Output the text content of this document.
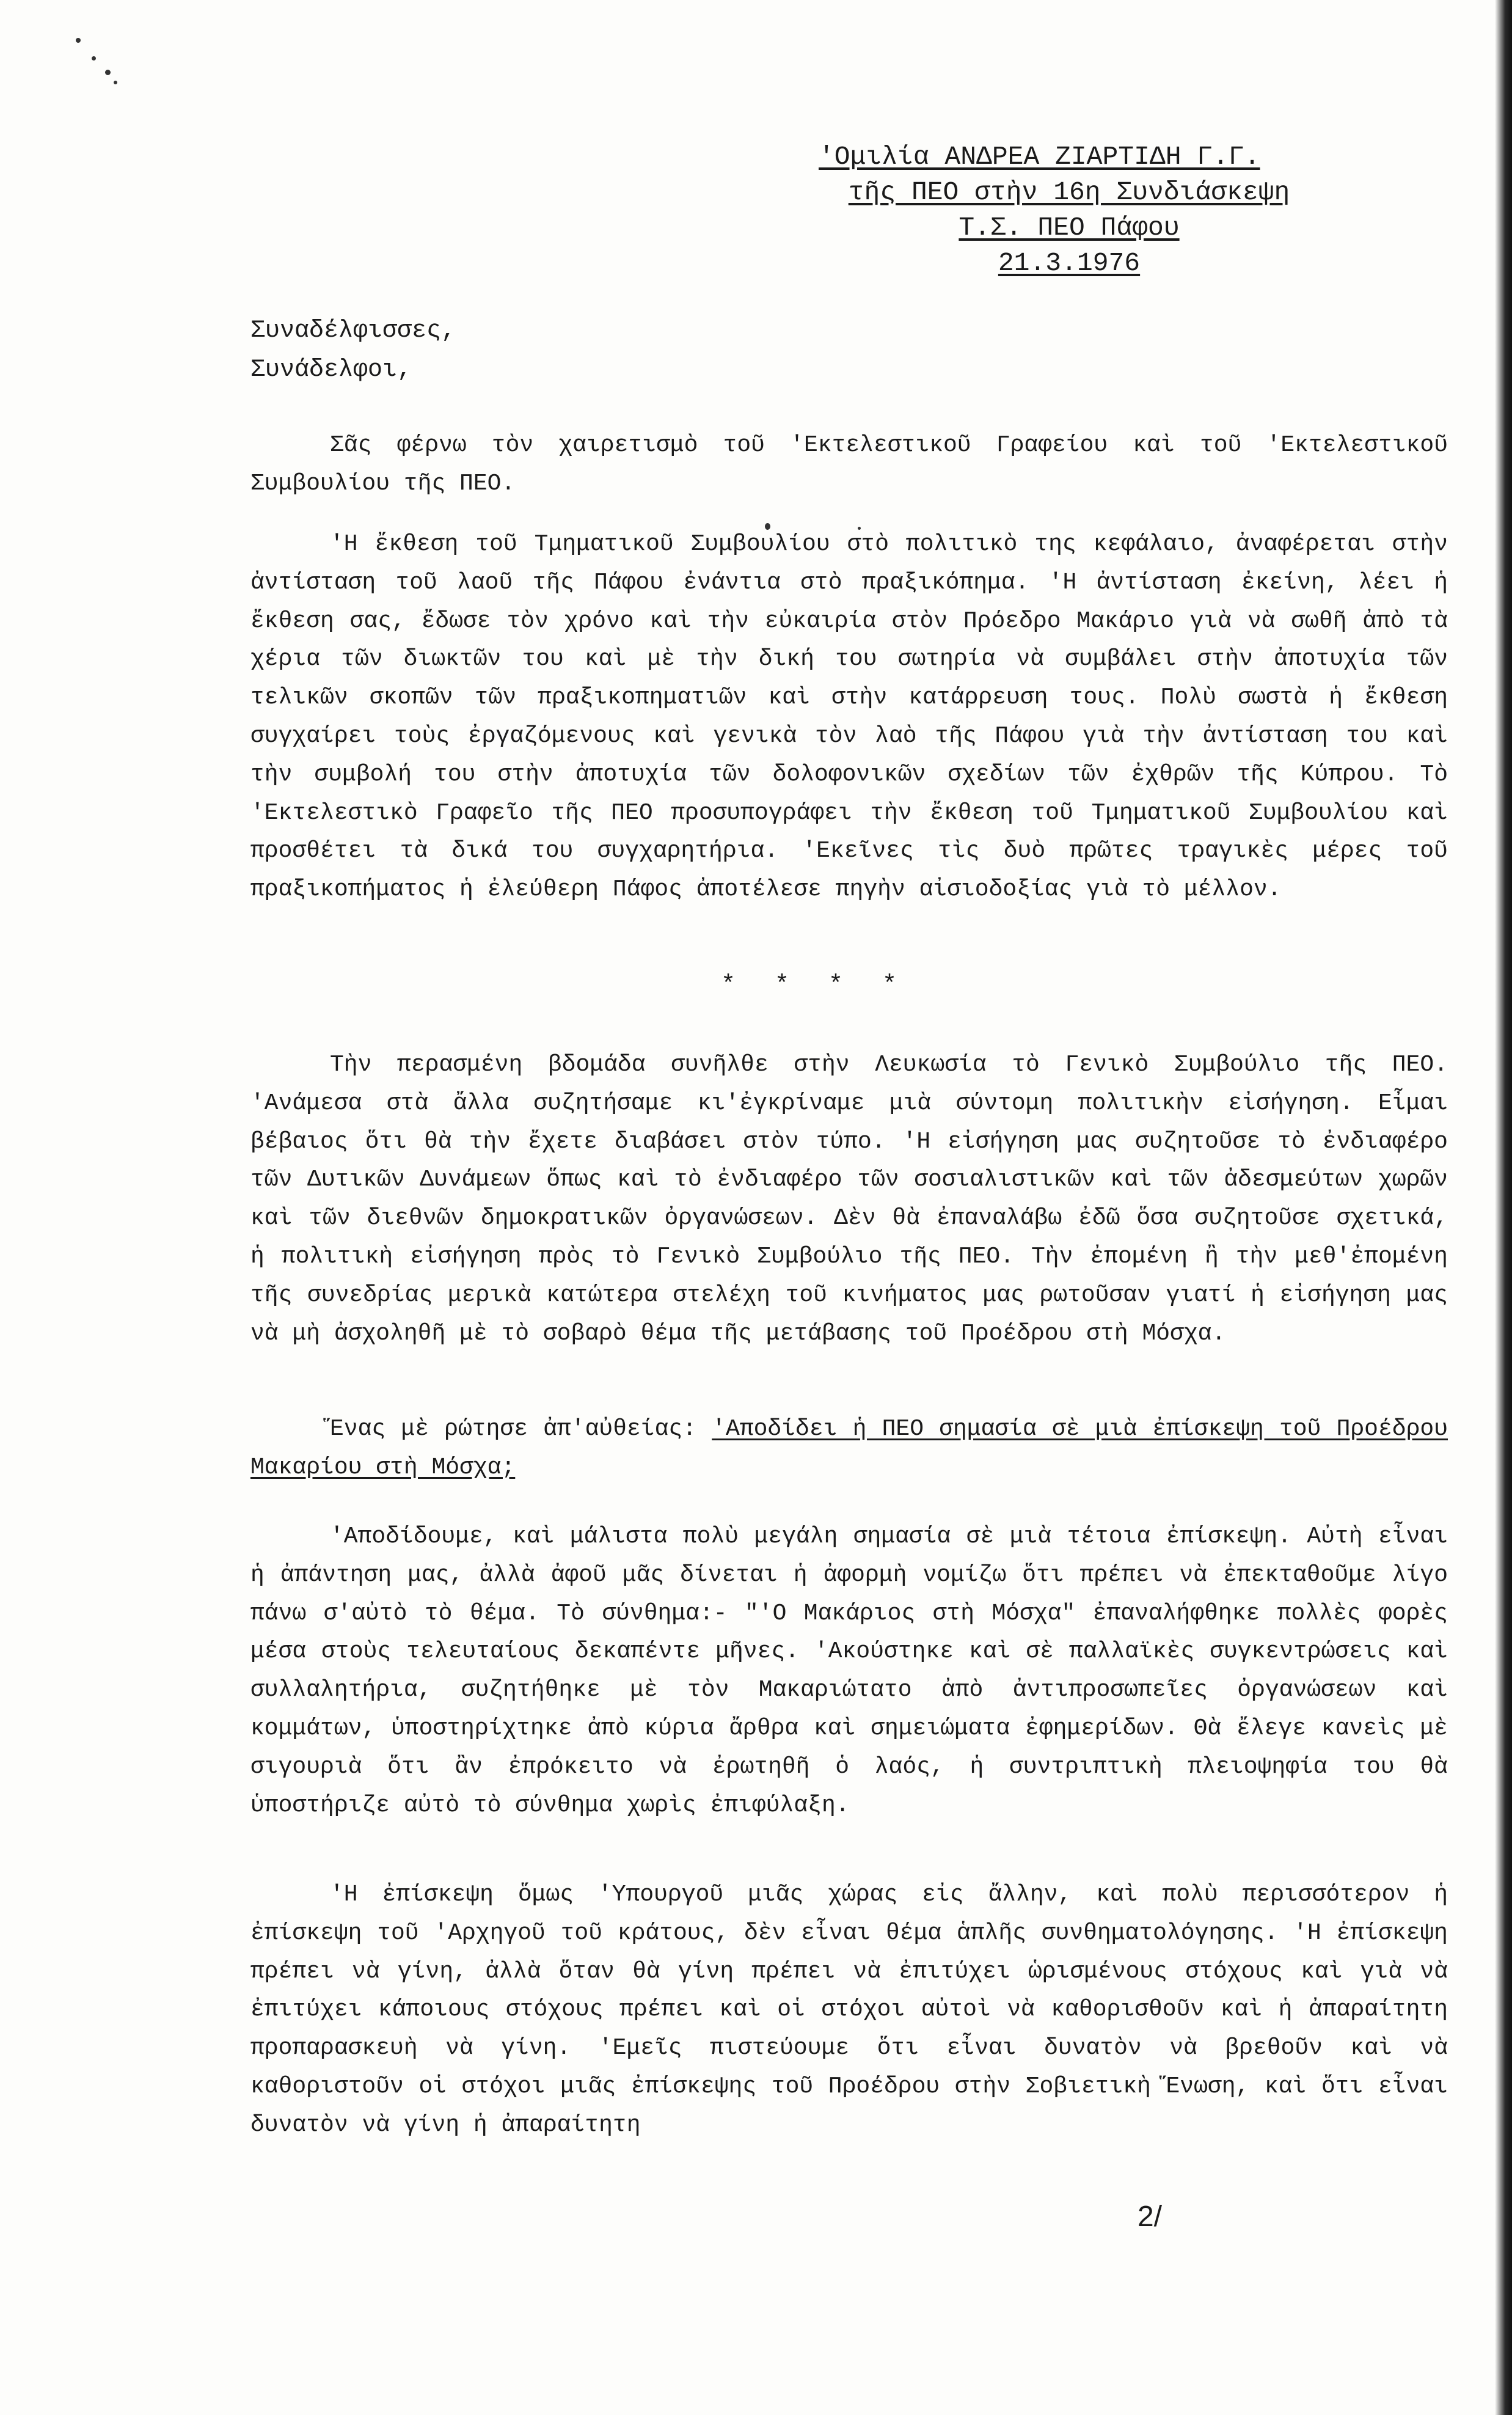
'Ομιλία ΑΝΔΡΕΑ ΖΙΑΡΤΙΔΗ Γ.Γ.
τῆς ΠΕΟ στὴν 16η Συνδιάσκεψη
Τ.Σ. ΠΕΟ Πάφου
21.3.1976
Συναδέλφισσες,
Συνάδελφοι,
Σᾶς φέρνω τὸν χαιρετισμὸ τοῦ 'Εκτελεστικοῦ Γραφείου καὶ τοῦ 'Εκτελεστικοῦ Συμβουλίου τῆς ΠΕΟ.
'Η ἔκθεση τοῦ Τμηματικοῦ Συμβουλίου στὸ πολιτικὸ της κεφάλαιο, ἀναφέρεται στὴν ἀντίσταση τοῦ λαοῦ τῆς Πάφου ἐνάντια στὸ πραξικόπημα. 'Η ἀντίσταση ἐκείνη, λέει ἡ ἔκθεση σας, ἔδωσε τὸν χρόνο καὶ τὴν εὐκαιρία στὸν Πρόεδρο Μακάριο γιὰ νὰ σωθῆ ἀπὸ τὰ χέρια τῶν διωκτῶν του καὶ μὲ τὴν δική του σωτηρία νὰ συμβάλει στὴν ἀποτυχία τῶν τελικῶν σκοπῶν τῶν πραξικοπηματιῶν καὶ στὴν κατάρρευση τους. Πολὺ σωστὰ ἡ ἔκθεση συγχαίρει τοὺς ἐργαζόμενους καὶ γενικὰ τὸν λαὸ τῆς Πάφου γιὰ τὴν ἀντίσταση του καὶ τὴν συμβολή του στὴν ἀποτυχία τῶν δολοφονικῶν σχεδίων τῶν ἐχθρῶν τῆς Κύπρου. Τὸ 'Εκτελεστικὸ Γραφεῖο τῆς ΠΕΟ προσυπογράφει τὴν ἔκθεση τοῦ Τμηματικοῦ Συμβουλίου καὶ προσθέτει τὰ δικά του συγχαρητήρια. 'Εκεῖνες τὶς δυὸ πρῶτες τραγικὲς μέρες τοῦ πραξικοπήματος ἡ ἐλεύθερη Πάφος ἀποτέλεσε πηγὴν αἰσιοδοξίας γιὰ τὸ μέλλον.
* * * *
Τὴν περασμένη βδομάδα συνῆλθε στὴν Λευκωσία τὸ Γενικὸ Συμβούλιο τῆς ΠΕΟ. 'Ανάμεσα στὰ ἄλλα συζητήσαμε κι'ἐγκρίναμε μιὰ σύντομη πολιτικὴν εἰσήγηση. Εἶμαι βέβαιος ὅτι θὰ τὴν ἔχετε διαβάσει στὸν τύπο. 'Η εἰσήγηση μας συζητοῦσε τὸ ἐνδιαφέρο τῶν Δυτικῶν Δυνάμεων ὅπως καὶ τὸ ἐνδιαφέρο τῶν σοσιαλιστικῶν καὶ τῶν ἀδεσμεύτων χωρῶν καὶ τῶν διεθνῶν δημοκρατικῶν ὀργανώσεων. Δὲν θὰ ἐπαναλάβω ἐδῶ ὅσα συζητοῦσε σχετικά, ἡ πολιτικὴ εἰσήγηση πρὸς τὸ Γενικὸ Συμβούλιο τῆς ΠΕΟ. Τὴν ἐπομένη ἢ τὴν μεθ'ἐπομένη τῆς συνεδρίας μερικὰ κατώτερα στελέχη τοῦ κινήματος μας ρωτοῦσαν γιατί ἡ εἰσήγηση μας νὰ μὴ ἀσχοληθῆ μὲ τὸ σοβαρὸ θέμα τῆς μετάβασης τοῦ Προέδρου στὴ Μόσχα.
Ἕνας μὲ ρώτησε ἀπ'αὐθείας: 'Αποδίδει ἡ ΠΕΟ σημασία σὲ μιὰ ἐπίσκεψη τοῦ Προέδρου Μακαρίου στὴ Μόσχα;
'Αποδίδουμε, καὶ μάλιστα πολὺ μεγάλη σημασία σὲ μιὰ τέτοια ἐπίσκεψη. Αὐτὴ εἶναι ἡ ἀπάντηση μας, ἀλλὰ ἀφοῦ μᾶς δίνεται ἡ ἀφορμὴ νομίζω ὅτι πρέπει νὰ ἐπεκταθοῦμε λίγο πάνω σ'αὐτὸ τὸ θέμα. Τὸ σύνθημα:- "'Ο Μακάριος στὴ Μόσχα" ἐπαναλήφθηκε πολλὲς φορὲς μέσα στοὺς τελευταίους δεκαπέντε μῆνες. 'Ακούστηκε καὶ σὲ παλλαϊκὲς συγκεντρώσεις καὶ συλλαλητήρια, συζητήθηκε μὲ τὸν Μακαριώτατο ἀπὸ ἀντιπροσωπεῖες ὀργανώσεων καὶ κομμάτων, ὑποστηρίχτηκε ἀπὸ κύρια ἄρθρα καὶ σημειώματα ἐφημερίδων. Θὰ ἔλεγε κανεὶς μὲ σιγουριὰ ὅτι ἂν ἐπρόκειτο νὰ ἐρωτηθῆ ὁ λαός, ἡ συντριπτικὴ πλειοψηφία του θὰ ὑποστήριζε αὐτὸ τὸ σύνθημα χωρὶς ἐπιφύλαξη.
'Η ἐπίσκεψη ὅμως 'Υπουργοῦ μιᾶς χώρας εἰς ἄλλην, καὶ πολὺ περισσότερον ἡ ἐπίσκεψη τοῦ 'Αρχηγοῦ τοῦ κράτους, δὲν εἶναι θέμα ἁπλῆς συνθηματολόγησης. 'Η ἐπίσκεψη πρέπει νὰ γίνη, ἀλλὰ ὅταν θὰ γίνη πρέπει νὰ ἐπιτύχει ὡρισμένους στόχους καὶ γιὰ νὰ ἐπιτύχει κάποιους στόχους πρέπει καὶ οἱ στόχοι αὐτοὶ νὰ καθορισθοῦν καὶ ἡ ἀπαραίτητη προπαρασκευὴ νὰ γίνη. 'Εμεῖς πιστεύουμε ὅτι εἶναι δυνατὸν νὰ βρεθοῦν καὶ νὰ καθοριστοῦν οἱ στόχοι μιᾶς ἐπίσκεψης τοῦ Προέδρου στὴν Σοβιετικὴ Ἕνωση, καὶ ὅτι εἶναι δυνατὸν νὰ γίνη ἡ ἀπαραίτητη
2/
